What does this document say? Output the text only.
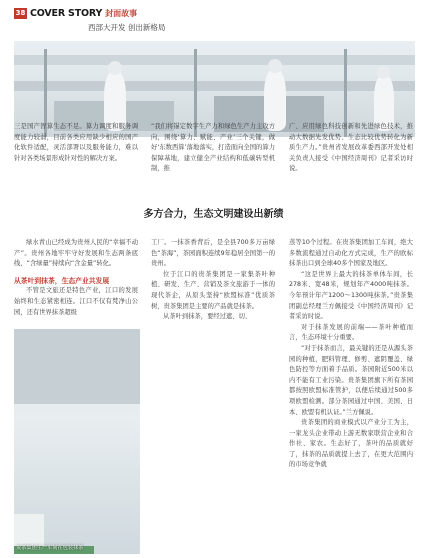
38 COVER STORY 封面故事
西部大开发 创出新格局
三是国产智算生态不足。算力调度和服务调度能力较弱，目前各类应用缺少相应的国产化软件适配，灵活部署以及服务能力，难以针对各类场景形成针对性的解决方案。
“我们将锚定数字生产力和绿色生产力主攻方向，围绕‘算力、赋能、产业’三个关键，做好‘东数西算’落地落实，打造面向全国的算力保障基地，建立健全产业结构和低碳转型机制，推
广、应用绿色科技创新和先进绿色技术，推动大数据先发优势、生态比较优势转化为新质生产力。”贵州省发展改革委西部开发处相关负责人接受《中国经济周刊》记者采访时说。
多方合力，生态文明建设出新绩

绿水青山已经成为贵州人民的“幸福不动产”。贵州各地牢牢守好发展和生态两条底线，“含绿量”持续向“含金量”转化。

从茶叶到抹茶，生态产业共发展

不管是文旅还是特色产业，江口的发展始终和生态紧密相连。江口不仅有梵净山公园，还有世界抹茶超级

贵茶集团生产车间在包装抹茶

工厂。一抹茶香背后，是全县700多万亩绿色“茶海”，茶园面积连续9年稳居全国第一的贵州。

位于江口的贵茶集团是一家集茶叶种植、研发、生产、营销及茶文旅游于一体的现代茶企，从原头坚持“欧盟标准”优质茶树，贵茶集团是主要的产品就是抹茶。

从茶叶到抹茶，要经过遮、切、

蒸等10个过程。在贵茶集团加工车间，绝大多数流程通过自动化方式完成，生产的欧标抹茶出口到全球40多个国家及地区。

“这是世界上最大的抹茶单体车间，长278米、宽48米，规划年产4000吨抹茶。今年预计年产1200～1300吨抹茶。”贵茶集团副总经理兰方佩接受《中国经济周刊》记者采访时说。

对于抹茶发展的前端——茶叶种植而言，生态环境十分重要。

“对于抹茶而言，最关键的还是从源头茶园的种植，肥料管理、修剪、遮阴覆盖、绿色防控等方面着手品质。茶园附近500米以内不能有工业污染。贵茶集团旗下所有茶园都按照欧盟标准管护，以便后续通过500多项欧盟检测。部分茶园通过中国、美国、日本、欧盟有机认证。”兰方佩说。

贵茶集团的商业模式以产业分工为主，一家龙头企业带动上游无数家联营企业和合作社、家农。生态好了，茶叶的品质就好了，抹茶的品质就提上去了，在更大范围内的市场竞争就
